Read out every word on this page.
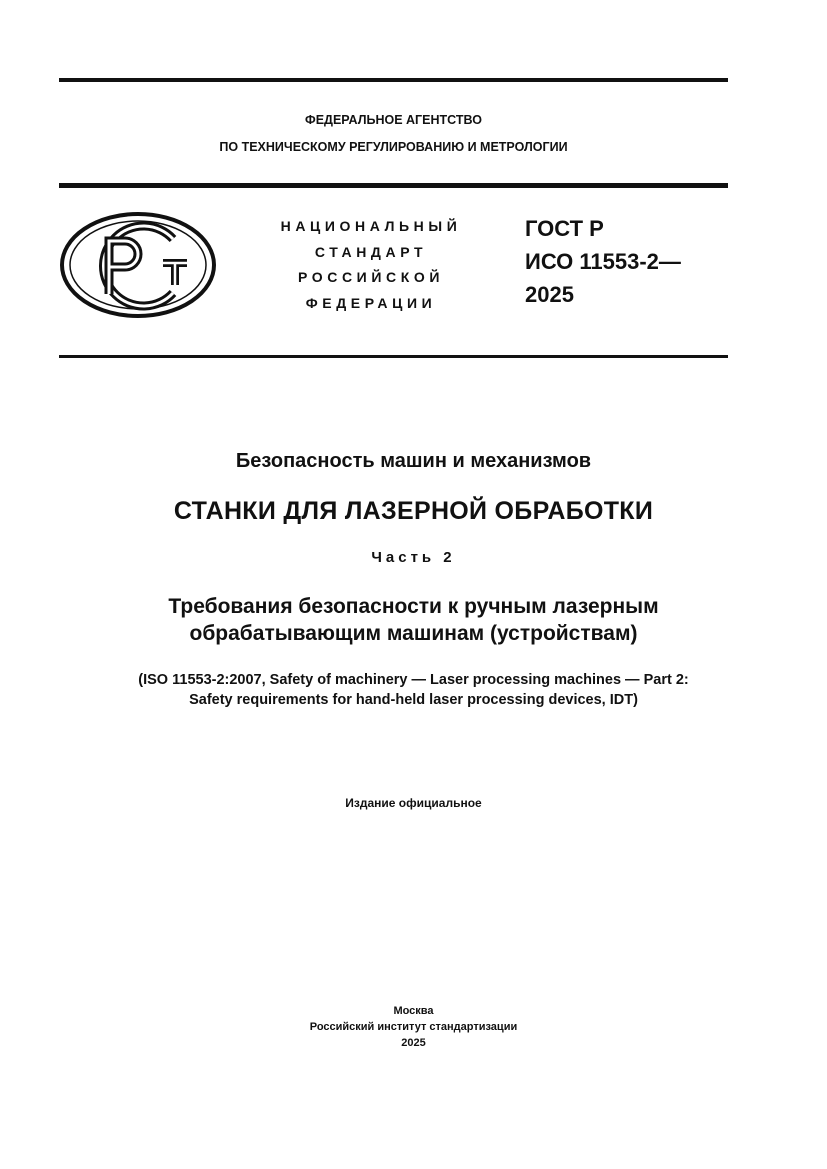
ФЕДЕРАЛЬНОЕ АГЕНТСТВО
ПО ТЕХНИЧЕСКОМУ РЕГУЛИРОВАНИЮ И МЕТРОЛОГИИ
НАЦИОНАЛЬНЫЙ
СТАНДАРТ
РОССИЙСКОЙ
ФЕДЕРАЦИИ
ГОСТ Р
ИСО 11553-2—
2025
Безопасность машин и механизмов
СТАНКИ ДЛЯ ЛАЗЕРНОЙ ОБРАБОТКИ
Часть 2
Требования безопасности к ручным лазерным
обрабатывающим машинам (устройствам)
(ISO 11553-2:2007, Safety of machinery — Laser processing machines — Part 2:
Safety requirements for hand-held laser processing devices, IDT)
Издание официальное
Москва
Российский институт стандартизации
2025
